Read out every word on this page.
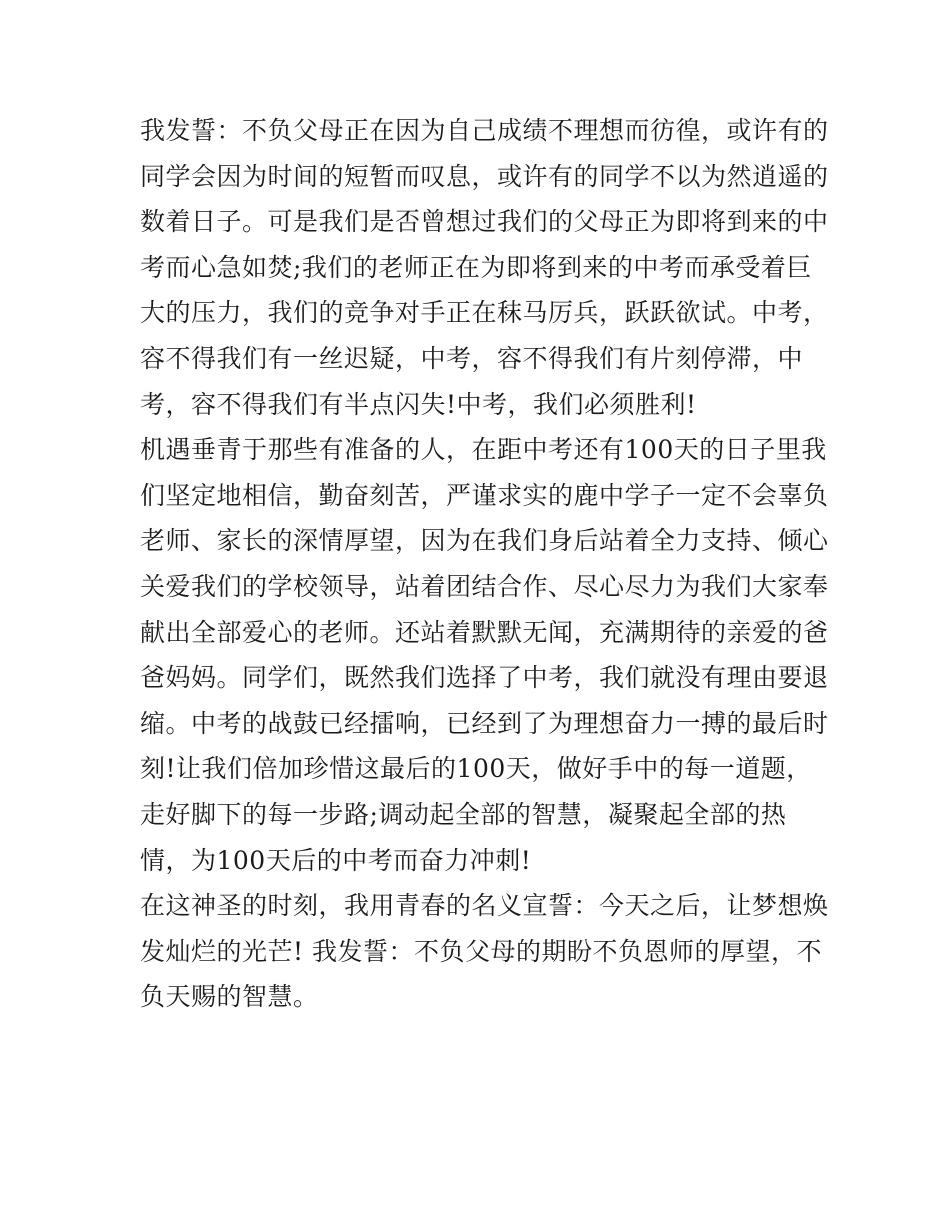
我发誓：不负父母正在因为自己成绩不理想而彷徨，或许有的
同学会因为时间的短暂而叹息，或许有的同学不以为然逍遥的
数着日子。可是我们是否曾想过我们的父母正为即将到来的中
考而心急如焚;我们的老师正在为即将到来的中考而承受着巨
大的压力，我们的竞争对手正在秣马厉兵，跃跃欲试。中考，
容不得我们有一丝迟疑，中考，容不得我们有片刻停滞，中
考，容不得我们有半点闪失!中考，我们必须胜利!
机遇垂青于那些有准备的人，在距中考还有100天的日子里我
们坚定地相信，勤奋刻苦，严谨求实的鹿中学子一定不会辜负
老师、家长的深情厚望，因为在我们身后站着全力支持、倾心
关爱我们的学校领导，站着团结合作、尽心尽力为我们大家奉
献出全部爱心的老师。还站着默默无闻，充满期待的亲爱的爸
爸妈妈。同学们，既然我们选择了中考，我们就没有理由要退
缩。中考的战鼓已经擂响，已经到了为理想奋力一搏的最后时
刻!让我们倍加珍惜这最后的100天，做好手中的每一道题，
走好脚下的每一步路;调动起全部的智慧，凝聚起全部的热
情，为100天后的中考而奋力冲刺!
在这神圣的时刻，我用青春的名义宣誓：今天之后，让梦想焕
发灿烂的光芒! 我发誓：不负父母的期盼不负恩师的厚望，不
负天赐的智慧。
